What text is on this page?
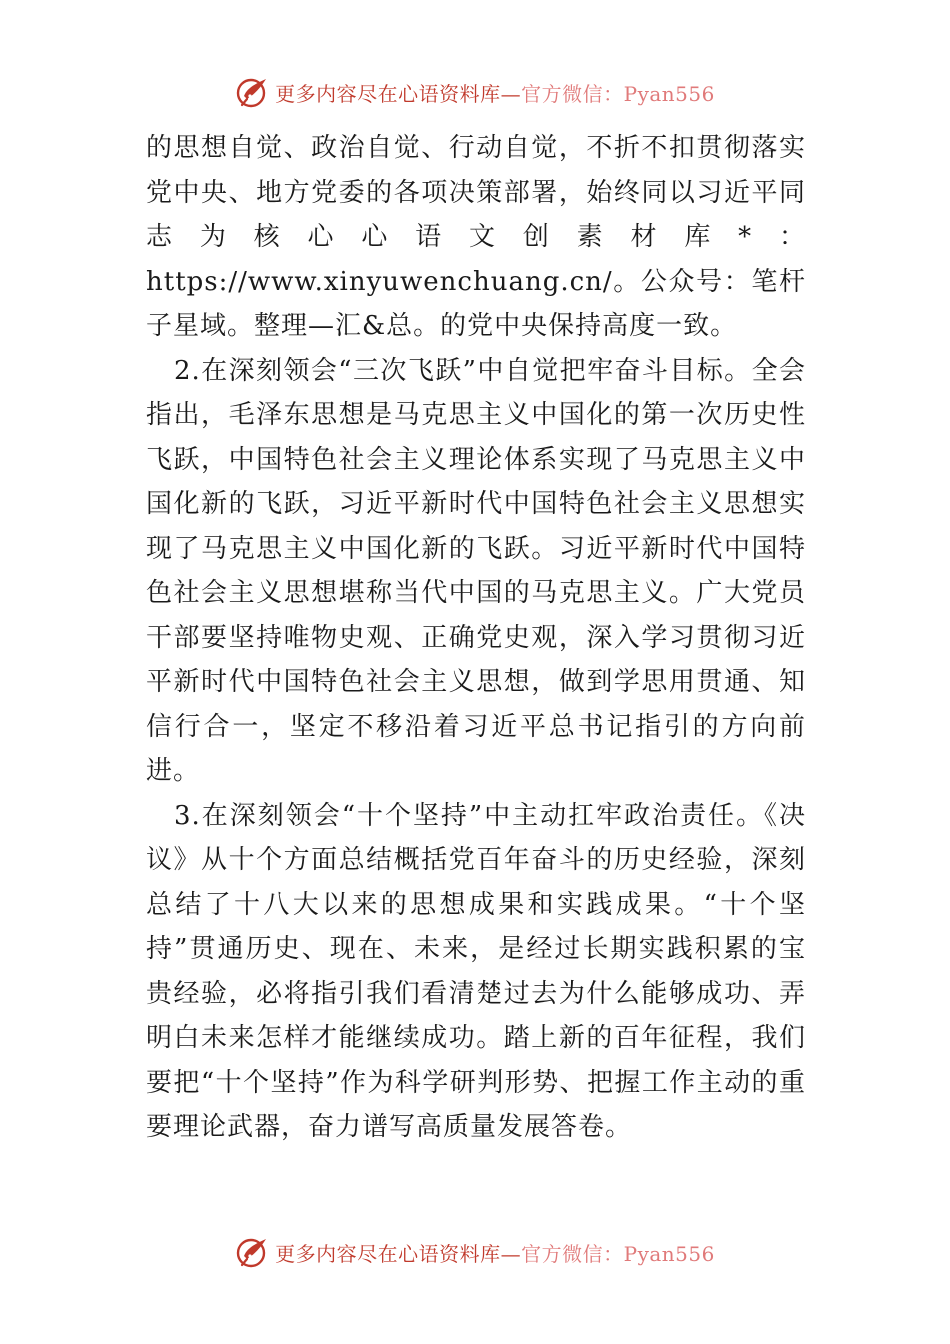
更多内容尽在心语资料库— 官方微信：Pyan556

的思想自觉、政治自觉、行动自觉，不折不扣贯彻落实党中央、地方党委的各项决策部署，始终同以习近平同志为核心心语文创素材库*：https://www.xinyuwenchuang.cn/。公众号：笔杆子星域。整理—汇&总。的党中央保持高度一致。

2.在深刻领会“三次飞跃”中自觉把牢奋斗目标。全会指出，毛泽东思想是马克思主义中国化的第一次历史性飞跃，中国特色社会主义理论体系实现了马克思主义中国化新的飞跃，习近平新时代中国特色社会主义思想实现了马克思主义中国化新的飞跃。习近平新时代中国特色社会主义思想堪称当代中国的马克思主义。广大党员干部要坚持唯物史观、正确党史观，深入学习贯彻习近平新时代中国特色社会主义思想，做到学思用贯通、知信行合一，坚定不移沿着习近平总书记指引的方向前进。

3.在深刻领会“十个坚持”中主动扛牢政治责任。《决议》从十个方面总结概括党百年奋斗的历史经验，深刻总结了十八大以来的思想成果和实践成果。“十个坚持”贯通历史、现在、未来，是经过长期实践积累的宝贵经验，必将指引我们看清楚过去为什么能够成功、弄明白未来怎样才能继续成功。踏上新的百年征程，我们要把“十个坚持”作为科学研判形势、把握工作主动的重要理论武器，奋力谱写高质量发展答卷。

更多内容尽在心语资料库— 官方微信：Pyan556
